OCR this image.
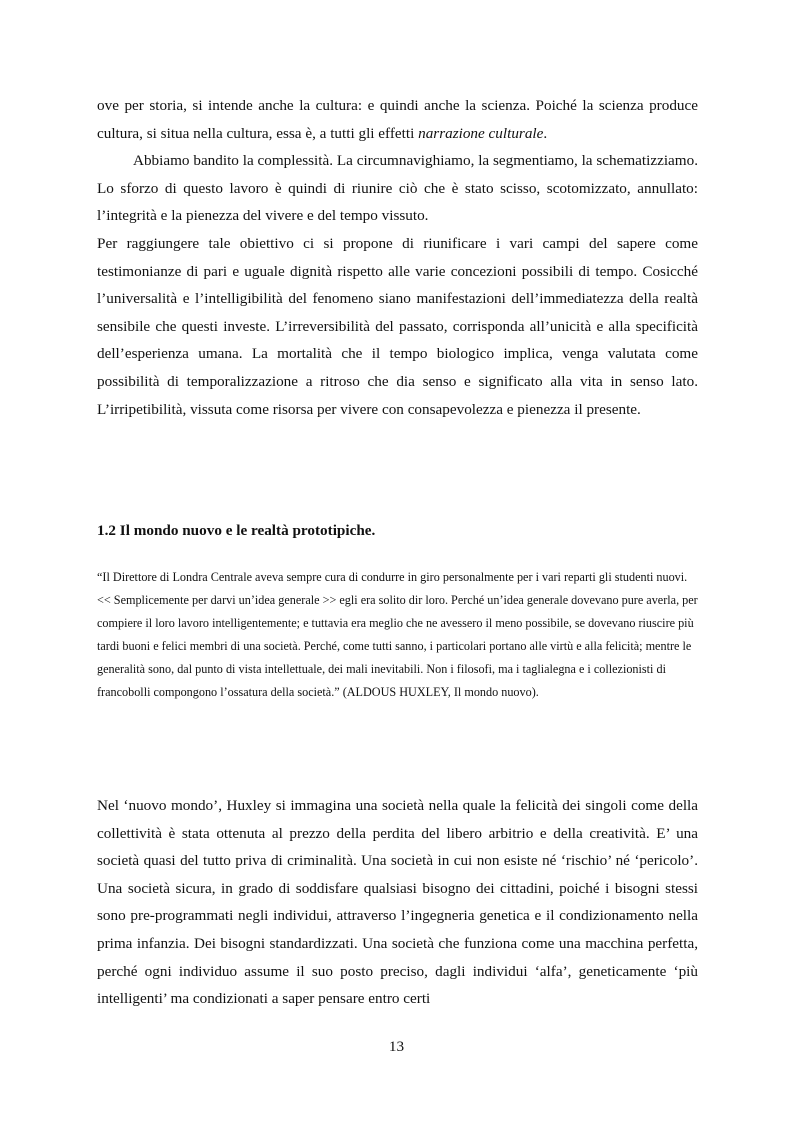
ove per storia, si intende anche la cultura: e quindi anche la scienza. Poiché la scienza produce cultura, si situa nella cultura, essa è, a tutti gli effetti narrazione culturale.

Abbiamo bandito la complessità. La circumnavighiamo, la segmentiamo, la schematizziamo. Lo sforzo di questo lavoro è quindi di riunire ciò che è stato scisso, scotomizzato, annullato: l’integrità e la pienezza del vivere e del tempo vissuto.

Per raggiungere tale obiettivo ci si propone di riunificare i vari campi del sapere come testimonianze di pari e uguale dignità rispetto alle varie concezioni possibili di tempo. Cosicché l’universalità e l’intelligibilità del fenomeno siano manifestazioni dell’immediatezza della realtà sensibile che questi investe. L’irreversibilità del passato, corrisponda all’unicità e alla specificità dell’esperienza umana. La mortalità che il tempo biologico implica, venga valutata come possibilità di temporalizzazione a ritroso che dia senso e significato alla vita in senso lato. L’irripetibilità, vissuta come risorsa per vivere con consapevolezza e pienezza il presente.

1.2 Il mondo nuovo e le realtà prototipiche.

“Il Direttore di Londra Centrale aveva sempre cura di condurre in giro personalmente per i vari reparti gli studenti nuovi.

<< Semplicemente per darvi un’idea generale >> egli era solito dir loro. Perché un’idea generale dovevano pure averla, per compiere il loro lavoro intelligentemente; e tuttavia era meglio che ne avessero il meno possibile, se dovevano riuscire più tardi buoni e felici membri di una società. Perché, come tutti sanno, i particolari portano alle virtù e alla felicità; mentre le generalità sono, dal punto di vista intellettuale, dei mali inevitabili. Non i filosofi, ma i taglialegna e i collezionisti di francobolli compongono l’ossatura della società.” (ALDOUS HUXLEY, Il mondo nuovo).

Nel ‘nuovo mondo’, Huxley si immagina una società nella quale la felicità dei singoli come della collettività è stata ottenuta al prezzo della perdita del libero arbitrio e della creatività. E’ una società quasi del tutto priva di criminalità. Una società in cui non esiste né ‘rischio’ né ‘pericolo’. Una società sicura, in grado di soddisfare qualsiasi bisogno dei cittadini, poiché i bisogni stessi sono pre-programmati negli individui, attraverso l’ingegneria genetica e il condizionamento nella prima infanzia. Dei bisogni standardizzati. Una società che funziona come una macchina perfetta, perché ogni individuo assume il suo posto preciso, dagli individui ‘alfa’, geneticamente ‘più intelligenti’ ma condizionati a saper pensare entro certi

13
